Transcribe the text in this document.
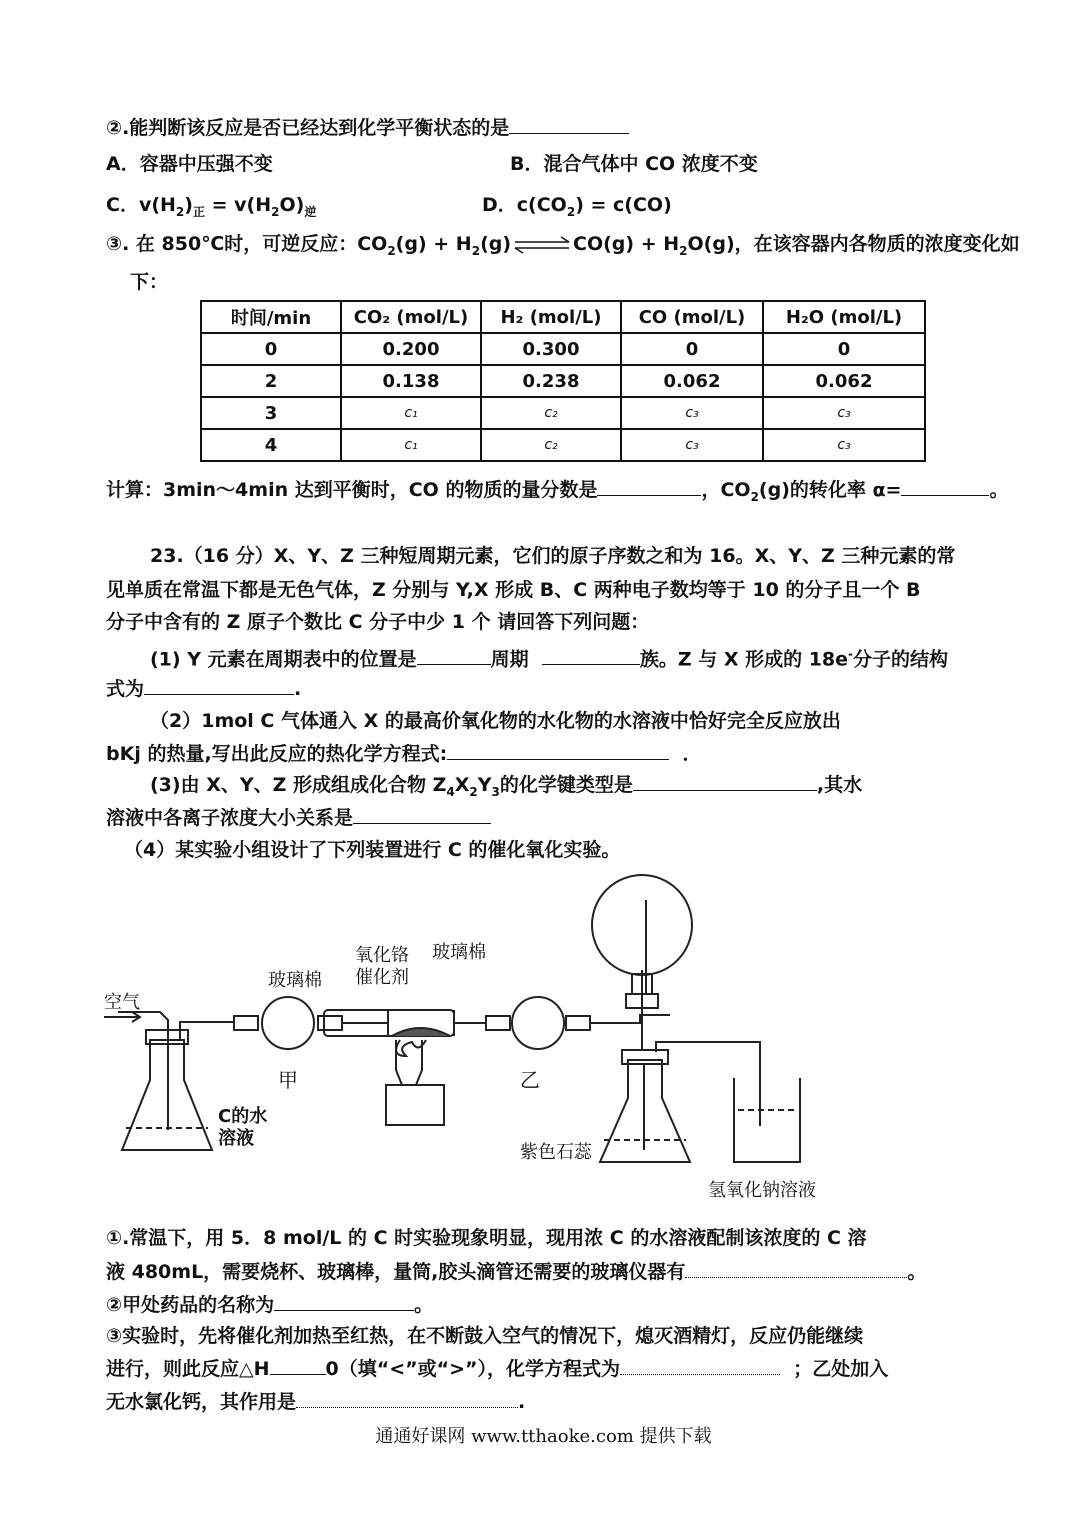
②.能判断该反应是否已经达到化学平衡状态的是
A．容器中压强不变	B．混合气体中 CO 浓度不变
C．$v(H_2)_正 = v(H_2O)_逆$	D．$c(CO_2) = c(CO)$
③. 在 850℃时，可逆反应：$CO_2(g)$ + $H_2(g)\rightleftharpoons CO(g) + H_2O(g)$，在该容器内各物质的浓度变化如
下：
时间/min	CO₂ (mol/L)	H₂ (mol/L)	CO (mol/L)	H₂O (mol/L)
0	0.200	0.300	0	0
2	0.138	0.238	0.062	0.062
3	c₁	c₂	c₃	c₃
4	c₁	c₂	c₃	c₃
计算：3min～4min 达到平衡时，CO 的物质的量分数是	，$CO_2(g)$的转化率 α=	。
23.（16 分）X、Y、Z 三种短周期元素，它们的原子序数之和为 16。X、Y、Z 三种元素的常
见单质在常温下都是无色气体，Z 分别与 Y,X 形成 B、C 两种电子数均等于 10 的分子且一个 B
分子中含有的 Z 原子个数比 C 分子中少 1 个 请回答下列问题：
(1) Y 元素在周期表中的位置是	周期	族。Z 与 X 形成的 18e-分子的结构
式为	.
（2）1mol C 气体通入 X 的最高价氧化物的水化物的水溶液中恰好完全反应放出
bKj 的热量,写出此反应的热化学方程式:	．
(3)由 X、Y、Z 形成组成化合物 $Z_4X_2Y_3$的化学键类型是	,其水
溶液中各离子浓度大小关系是
（4）某实验小组设计了下列装置进行 C 的催化氧化实验。
空气
玻璃棉
氧化铬
催化剂
玻璃棉
甲	乙
C的水
溶液
紫色石蕊
氢氧化钠溶液
①.常温下，用 5．8 mol/L 的 C 时实验现象明显，现用浓 C 的水溶液配制该浓度的 C 溶
液 480mL，需要烧杯、玻璃棒，量筒,胶头滴管还需要的玻璃仪器有	。
②甲处药品的名称为	。
③实验时，先将催化剂加热至红热，在不断鼓入空气的情况下，熄灭酒精灯，反应仍能继续
进行，则此反应△H	0（填“<”或“>”），化学方程式为	；乙处加入
无水氯化钙，其作用是	.
通通好课网 www.tthaoke.com 提供下载
